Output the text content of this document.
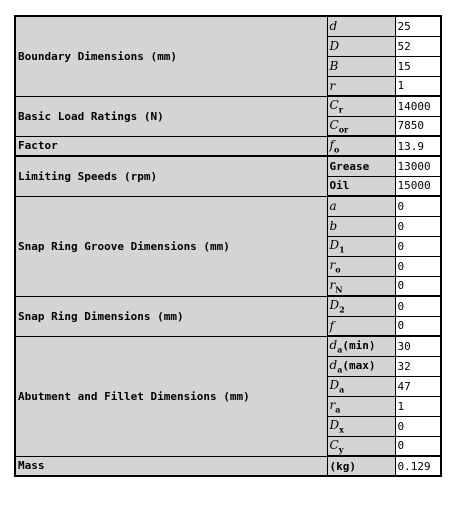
Boundary Dimensions (mm)	d	25
	D	52
	B	15
	r	1
Basic Load Ratings (N)	$C_r$	14000
	$C_{or}$	7850
Factor	$f_o$	13.9
Limiting Speeds (rpm)	Grease	13000
	Oil	15000
Snap Ring Groove Dimensions (mm)	a	0
	b	0
	$D_1$	0
	$r_o$	0
	$r_N$	0
Snap Ring Dimensions (mm)	$D_2$	0
	f	0
Abutment and Fillet Dimensions (mm)	$d_a(\min)$	30
	$d_a(\max)$	32
	$D_a$	47
	$r_a$	1
	$D_x$	0
	$C_y$	0
Mass	(kg)	0.129
